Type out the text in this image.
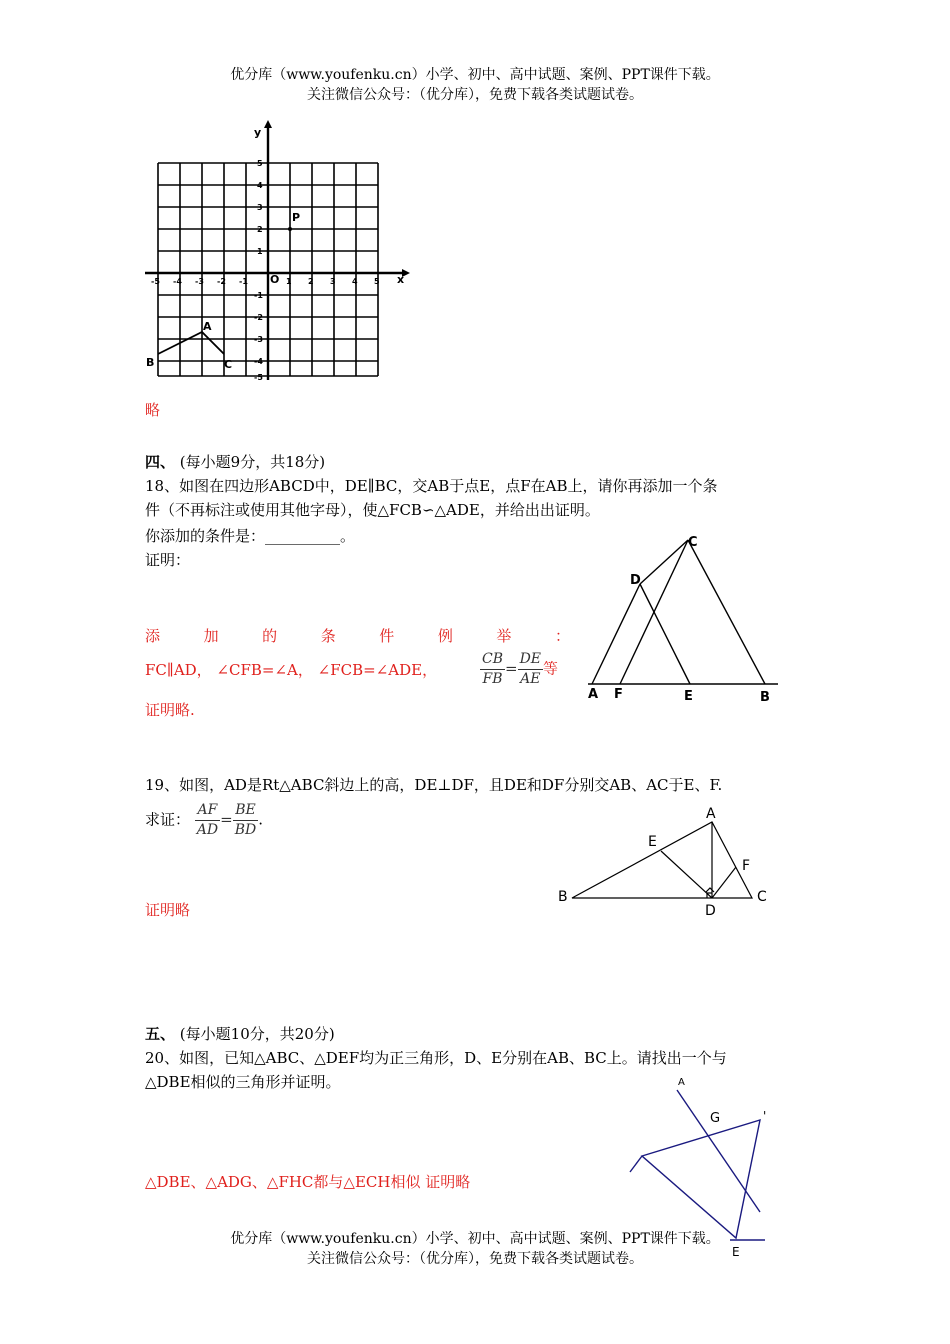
优分库（www.youfenku.cn）小学、初中、高中试题、案例、PPT课件下载。
关注微信公众号：（优分库），免费下载各类试题试卷。
x
y
O
-5 -4 -3 -2 -1	1 2 3 4 5
5
4
3
2
1
-1
-2
-3
-4
-5
P
A
B	C
略
四、 (每小题9分，共18分)
18、如图在四边形ABCD中，DE∥BC，交AB于点E，点F在AB上，请你再添加一个条
件（不再标注或使用其他字母），使△FCB∽△ADE，并给出出证明。
你添加的条件是：__________。
证明：
添	加	的	条	件	例	举	：
FC∥AD， ∠CFB=∠A， ∠FCB=∠ADE，	$\frac{CB}{FB} = \frac{DE}{AE}$ 等
证明略.
C
D
A F	E	B
19、如图，AD是Rt△ABC斜边上的高，DE⊥DF，且DE和DF分别交AB、AC于E、F.
求证： $\frac{AF}{AD} = \frac{BE}{BD}$ .
证明略
A
B	C
D
E
F
五、 (每小题10分，共20分)
20、如图，已知△ABC、△DEF均为正三角形，D、E分别在AB、BC上。请找出一个与
△DBE相似的三角形并证明。
△DBE、△ADG、△FHC都与△ECH相似 证明略
A
G	'
E
优分库（www.youfenku.cn）小学、初中、高中试题、案例、PPT课件下载。
关注微信公众号：（优分库），免费下载各类试题试卷。
